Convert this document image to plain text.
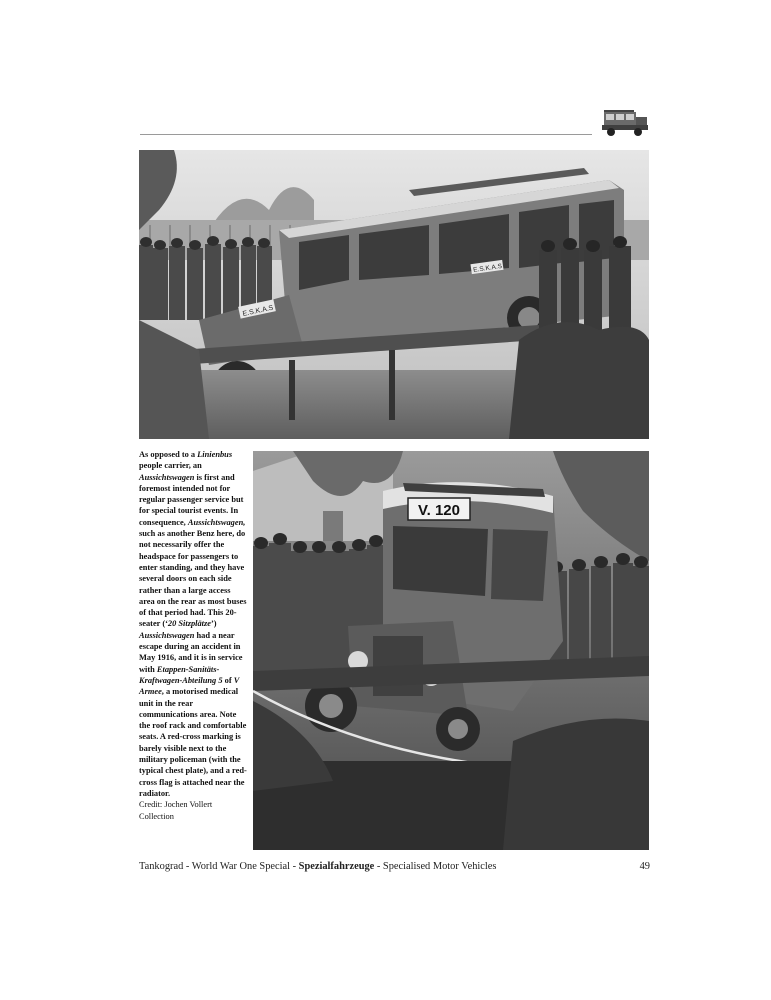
E.S.K.A.S
E.S.K.A.S
As opposed to a Linienbus people carrier, an Aussichtswagen is first and foremost intended not for regular passenger service but for special tourist events. In consequence, Aussichtswagen, such as another Benz here, do not necessarily offer the headspace for passengers to enter standing, and they have several doors on each side rather than a large access area on the rear as most buses of that period had. This 20-seater (‘20 Sitzplätze’) Aussichtswagen had a near escape during an accident in May 1916, and it is in service with Etappen-Sanitäts-Kraftwagen-Abteilung 5 of V Armee, a motorised medical unit in the rear communications area. Note the roof rack and comfortable seats. A red-cross marking is barely visible next to the military policeman (with the typical chest plate), and a red-cross flag is attached near the radiator.
Credit: Jochen Vollert Collection
V. 120
Tankograd - World War One Special - Spezialfahrzeuge - Specialised Motor Vehicles	49
